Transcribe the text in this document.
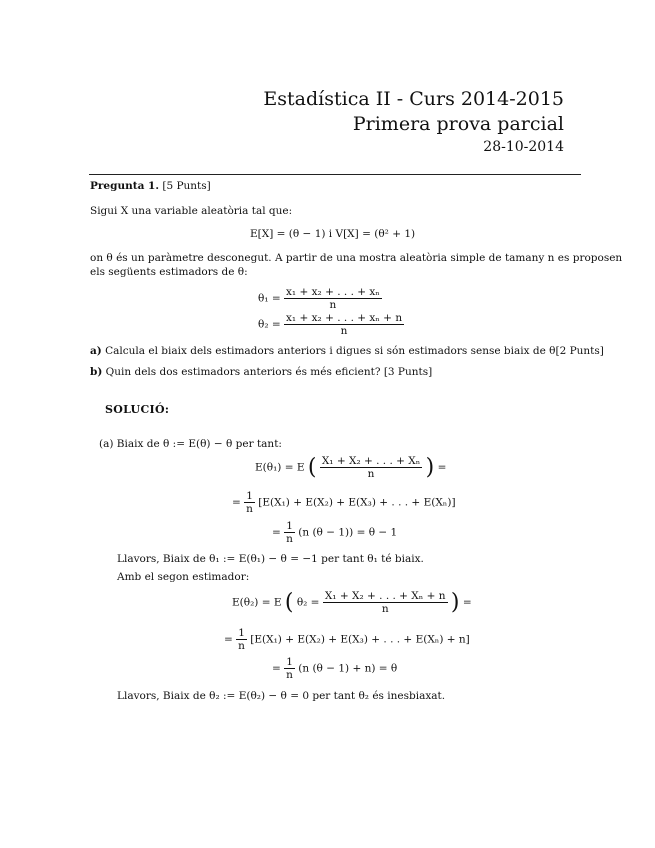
Estadística II - Curs 2014-2015
Primera prova parcial
28-10-2014
Pregunta 1. [5 Punts]
Sigui X una variable aleatòria tal que:
E[X] = (θ − 1) i V[X] = (θ² + 1)
on θ és un paràmetre desconegut. A partir de una mostra aleatòria simple de tamany n es proposen
els següents estimadors de θ:
$\theta_1 = \frac{\text{x₁ + x₂ + . . . + xₙ}}{n}$
$\theta_2 = \frac{\text{x₁ + x₂ + . . . + xₙ + n}}{n}$
a) Calcula el biaix dels estimadors anteriors i digues si són estimadors sense biaix de θ[2 Punts]
b) Quin dels dos estimadors anteriors és més eficient? [3 Punts]
SOLUCIÓ:
(a) Biaix de θ := E(θ) − θ per tant:
E(θ₁) = E ( $\frac{\text{X₁ + X₂ + . . . + Xₙ}}{n}$ ) =
= $\frac{1}{n} [E(X_1) + E(X_2) + E(X_3)$ + . . . + E(Xₙ)]
= $\frac{1}{n} (n$ (θ − 1)) = θ − 1
Llavors, Biaix de θ₁ := E(θ₁) − θ = −1 per tant θ₁ té biaix.
Amb el segon estimador:
E(θ₂) = E ( $\theta_2 = \frac{\text{X₁ + X₂ + . . . + Xₙ + n}}{n}$ ) =
= $\frac{1}{n} [E(X_1) + E(X_2) + E(X_3)$ + . . . + E(Xₙ) + n]
= $\frac{1}{n} (n$ (θ − 1) + n) = θ
Llavors, Biaix de θ₂ := E(θ₂) − θ = 0 per tant θ₂ és inesbiaxat.
